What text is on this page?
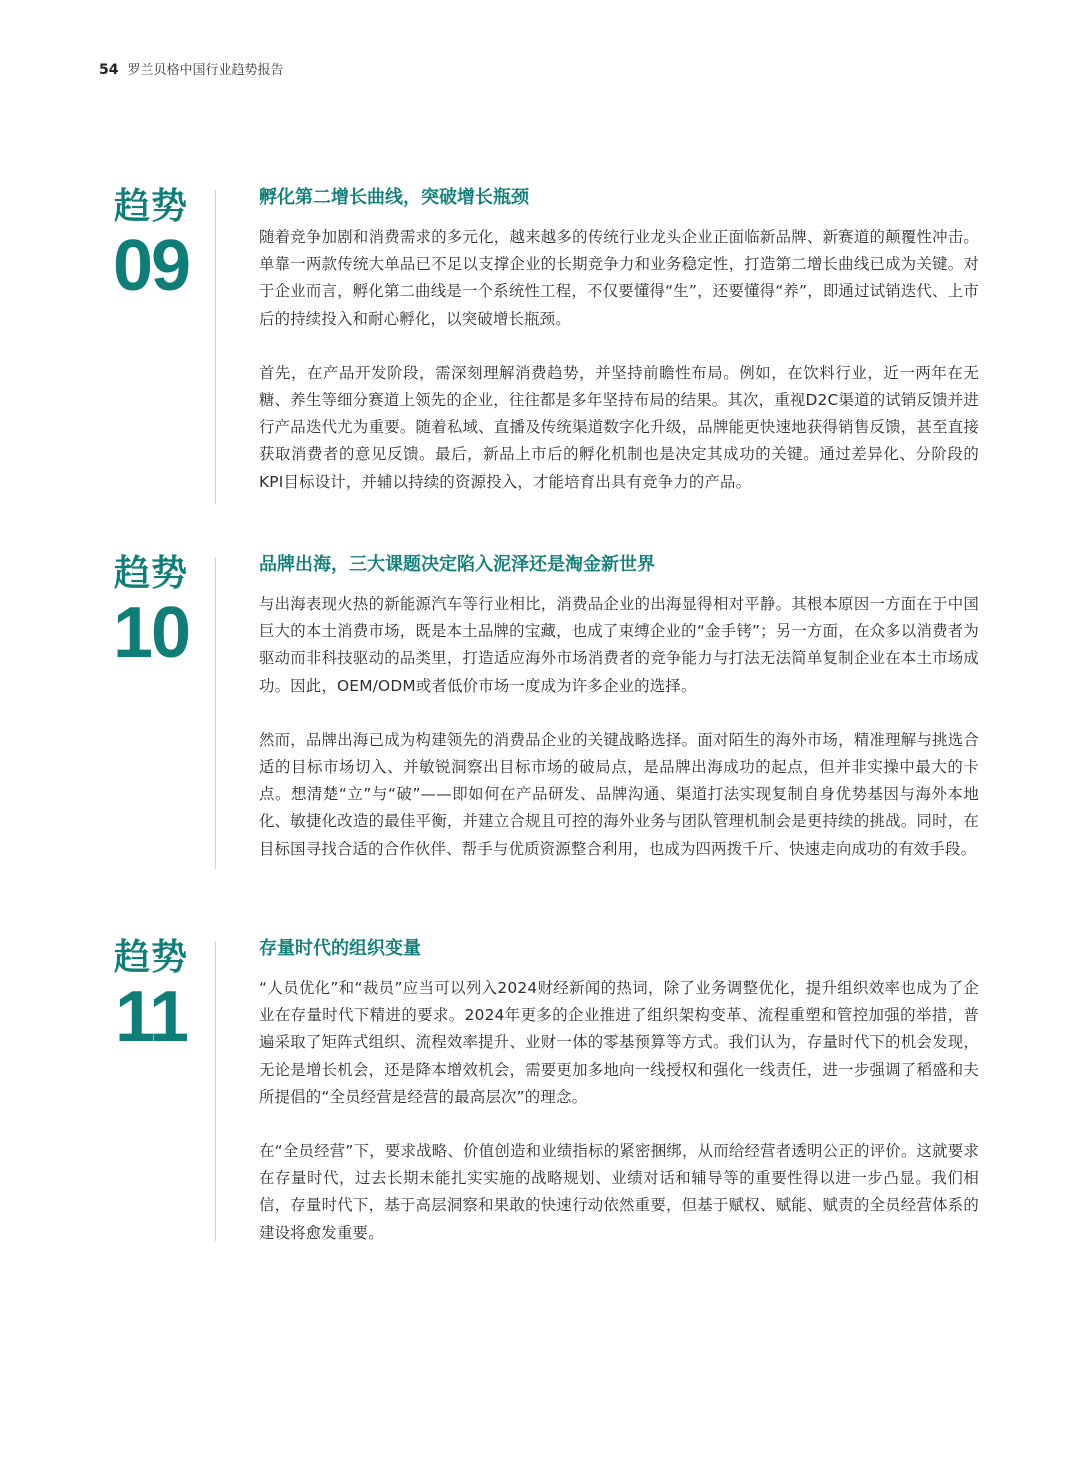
54 罗兰贝格中国行业趋势报告
趋势
09
孵化第二增长曲线，突破增长瓶颈

随着竞争加剧和消费需求的多元化，越来越多的传统行业龙头企业正面临新品牌、新赛道的颠覆性冲击。单靠一两款传统大单品已不足以支撑企业的长期竞争力和业务稳定性，打造第二增长曲线已成为关键。对于企业而言，孵化第二曲线是一个系统性工程，不仅要懂得“生”，还要懂得“养”，即通过试销迭代、上市后的持续投入和耐心孵化，以突破增长瓶颈。

首先，在产品开发阶段，需深刻理解消费趋势，并坚持前瞻性布局。例如，在饮料行业，近一两年在无糖、养生等细分赛道上领先的企业，往往都是多年坚持布局的结果。其次，重视D2C渠道的试销反馈并进行产品迭代尤为重要。随着私域、直播及传统渠道数字化升级，品牌能更快速地获得销售反馈，甚至直接获取消费者的意见反馈。最后，新品上市后的孵化机制也是决定其成功的关键。通过差异化、分阶段的KPI目标设计，并辅以持续的资源投入，才能培育出具有竞争力的产品。

趋势
10
品牌出海，三大课题决定陷入泥泽还是淘金新世界

与出海表现火热的新能源汽车等行业相比，消费品企业的出海显得相对平静。其根本原因一方面在于中国巨大的本土消费市场，既是本土品牌的宝藏，也成了束缚企业的“金手铐”；另一方面，在众多以消费者为驱动而非科技驱动的品类里，打造适应海外市场消费者的竞争能力与打法无法简单复制企业在本土市场成功。因此，OEM/ODM或者低价市场一度成为许多企业的选择。

然而，品牌出海已成为构建领先的消费品企业的关键战略选择。面对陌生的海外市场，精准理解与挑选合适的目标市场切入、并敏锐洞察出目标市场的破局点，是品牌出海成功的起点，但并非实操中最大的卡点。想清楚“立”与“破”——即如何在产品研发、品牌沟通、渠道打法实现复制自身优势基因与海外本地化、敏捷化改造的最佳平衡，并建立合规且可控的海外业务与团队管理机制会是更持续的挑战。同时，在目标国寻找合适的合作伙伴、帮手与优质资源整合利用，也成为四两拨千斤、快速走向成功的有效手段。

趋势
11
存量时代的组织变量

“人员优化”和“裁员”应当可以列入2024财经新闻的热词，除了业务调整优化，提升组织效率也成为了企业在存量时代下精进的要求。2024年更多的企业推进了组织架构变革、流程重塑和管控加强的举措，普遍采取了矩阵式组织、流程效率提升、业财一体的零基预算等方式。我们认为，存量时代下的机会发现，无论是增长机会，还是降本增效机会，需要更加多地向一线授权和强化一线责任，进一步强调了稻盛和夫所提倡的“全员经营是经营的最高层次”的理念。

在“全员经营”下，要求战略、价值创造和业绩指标的紧密捆绑，从而给经营者透明公正的评价。这就要求在存量时代，过去长期未能扎实实施的战略规划、业绩对话和辅导等的重要性得以进一步凸显。我们相信，存量时代下，基于高层洞察和果敢的快速行动依然重要，但基于赋权、赋能、赋责的全员经营体系的建设将愈发重要。
